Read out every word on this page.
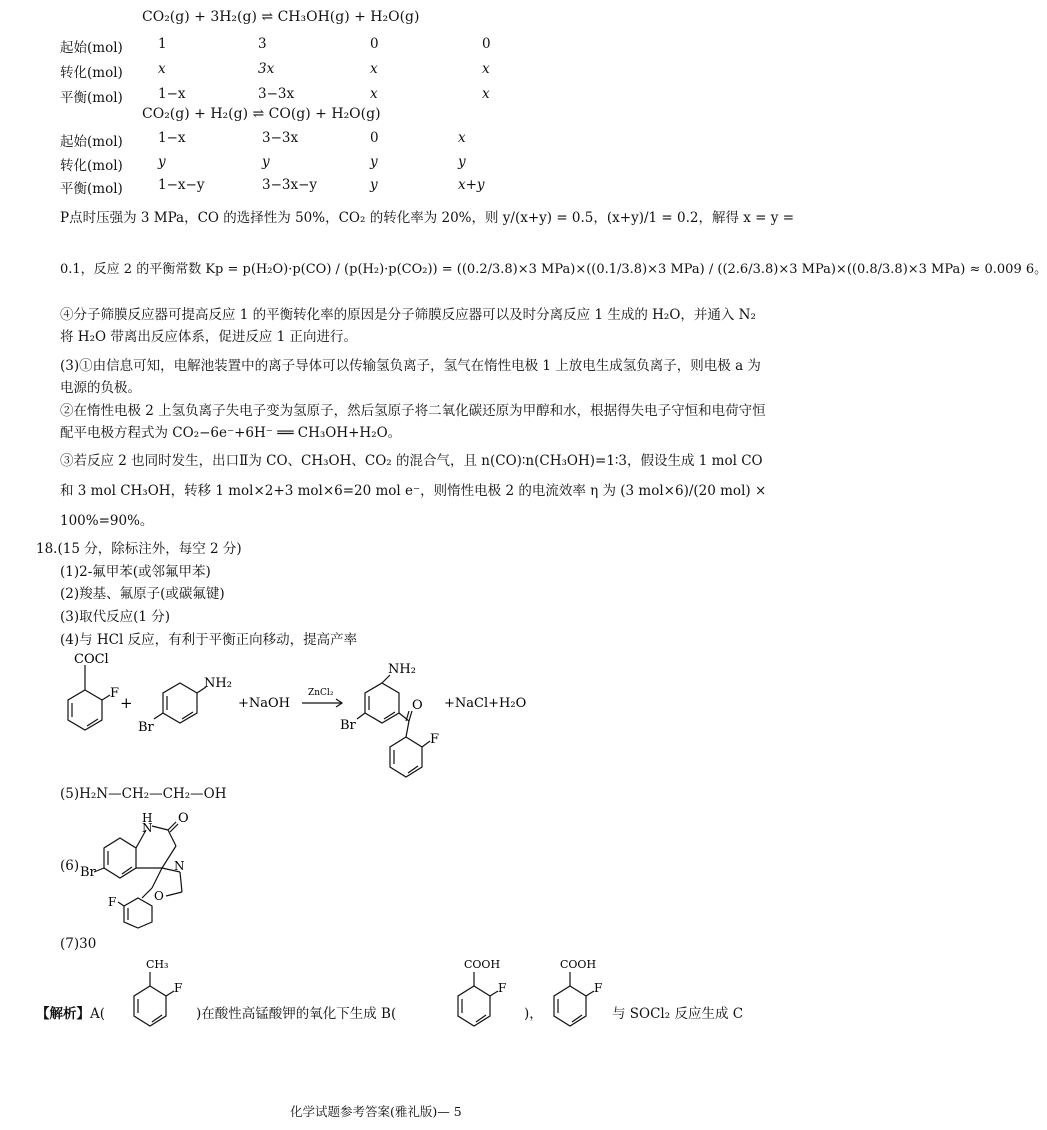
CO₂(g) + 3H₂(g) ⇌ CH₃OH(g) + H₂O(g)
起始(mol)	1	3	0	0
转化(mol)	x	3x	x	x
平衡(mol)	1−x	3−3x	x	x
CO₂(g) + H₂(g) ⇌ CO(g) + H₂O(g)
起始(mol)	1−x	3−3x	0	x
转化(mol)	y	y	y	y
平衡(mol)	1−x−y	3−3x−y	y	x+y
P点时压强为 3 MPa，CO 的选择性为 50%，CO₂ 的转化率为 20%，则 y/(x+y) = 0.5，(x+y)/1 = 0.2，解得 x = y =
0.1，反应 2 的平衡常数 Kp = p(H₂O)·p(CO) / (p(H₂)·p(CO₂)) = ((0.2/3.8)×3 MPa)×((0.1/3.8)×3 MPa) / ((2.6/3.8)×3 MPa)×((0.8/3.8)×3 MPa) ≈ 0.009 6。
④分子筛膜反应器可提高反应 1 的平衡转化率的原因是分子筛膜反应器可以及时分离反应 1 生成的 H₂O，并通入 N₂ 将 H₂O 带离出反应体系，促进反应 1 正向进行。
(3)①由信息可知，电解池装置中的离子导体可以传输氢负离子，氢气在惰性电极 1 上放电生成氢负离子，则电极 a 为电源的负极。
②在惰性电极 2 上氢负离子失电子变为氢原子，然后氢原子将二氧化碳还原为甲醇和水，根据得失电子守恒和电荷守恒配平电极方程式为 CO₂−6e⁻+6H⁻ ══ CH₃OH+H₂O。
③若反应 2 也同时发生，出口Ⅱ为 CO、CH₃OH、CO₂ 的混合气，且 n(CO)∶n(CH₃OH)=1∶3，假设生成 1 mol CO 和 3 mol CH₃OH，转移 1 mol×2+3 mol×6=20 mol e⁻，则惰性电极 2 的电流效率 η 为 (3 mol×6)/(20 mol) × 100%=90%。
18.(15 分，除标注外，每空 2 分)
(1)2-氟甲苯(或邻氟甲苯)
(2)羧基、氟原子(或碳氟键)
(3)取代反应(1 分)
(4)与 HCl 反应，有利于平衡正向移动，提高产率
COCl
F
+
NH₂
Br
+NaOH
ZnCl₂
NH₂
O
Br
F
+NaCl+H₂O
(5)H₂N—CH₂—CH₂—OH
(6)
H
N
O
N
Br
O
F
(7)30
【解析】A(
CH₃
F
)在酸性高锰酸钾的氧化下生成 B(
COOH
F
)，
COOH
F
与 SOCl₂ 反应生成 C
化学试题参考答案(雅礼版)— 5
